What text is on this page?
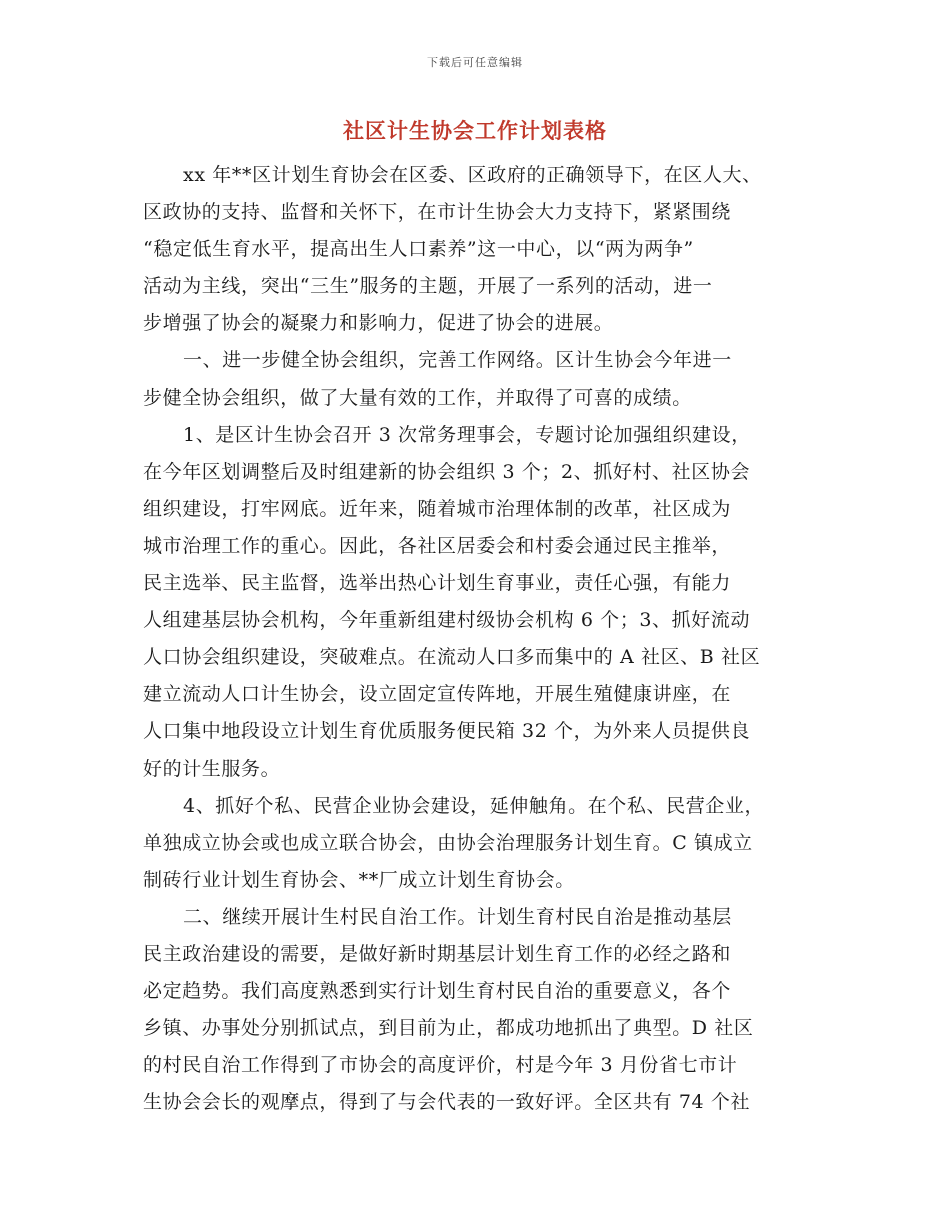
下载后可任意编辑
社区计生协会工作计划表格
xx 年**区计划生育协会在区委、区政府的正确领导下，在区人大、
区政协的支持、监督和关怀下，在市计生协会大力支持下，紧紧围绕
“稳定低生育水平，提高出生人口素养”这一中心，以“两为两争”
活动为主线，突出“三生”服务的主题，开展了一系列的活动，进一
步增强了协会的凝聚力和影响力，促进了协会的进展。
一、进一步健全协会组织，完善工作网络。区计生协会今年进一
步健全协会组织，做了大量有效的工作，并取得了可喜的成绩。
1、是区计生协会召开 3 次常务理事会，专题讨论加强组织建设，
在今年区划调整后及时组建新的协会组织 3 个；2、抓好村、社区协会
组织建设，打牢网底。近年来，随着城市治理体制的改革，社区成为
城市治理工作的重心。因此，各社区居委会和村委会通过民主推举，
民主选举、民主监督，选举出热心计划生育事业，责任心强，有能力
人组建基层协会机构，今年重新组建村级协会机构 6 个；3、抓好流动
人口协会组织建设，突破难点。在流动人口多而集中的 A 社区、B 社区
建立流动人口计生协会，设立固定宣传阵地，开展生殖健康讲座，在
人口集中地段设立计划生育优质服务便民箱 32 个，为外来人员提供良
好的计生服务。
4、抓好个私、民营企业协会建设，延伸触角。在个私、民营企业，
单独成立协会或也成立联合协会，由协会治理服务计划生育。C 镇成立
制砖行业计划生育协会、**厂成立计划生育协会。
二、继续开展计生村民自治工作。计划生育村民自治是推动基层
民主政治建设的需要，是做好新时期基层计划生育工作的必经之路和
必定趋势。我们高度熟悉到实行计划生育村民自治的重要意义，各个
乡镇、办事处分别抓试点，到目前为止，都成功地抓出了典型。D 社区
的村民自治工作得到了市协会的高度评价，村是今年 3 月份省七市计
生协会会长的观摩点，得到了与会代表的一致好评。全区共有 74 个社
